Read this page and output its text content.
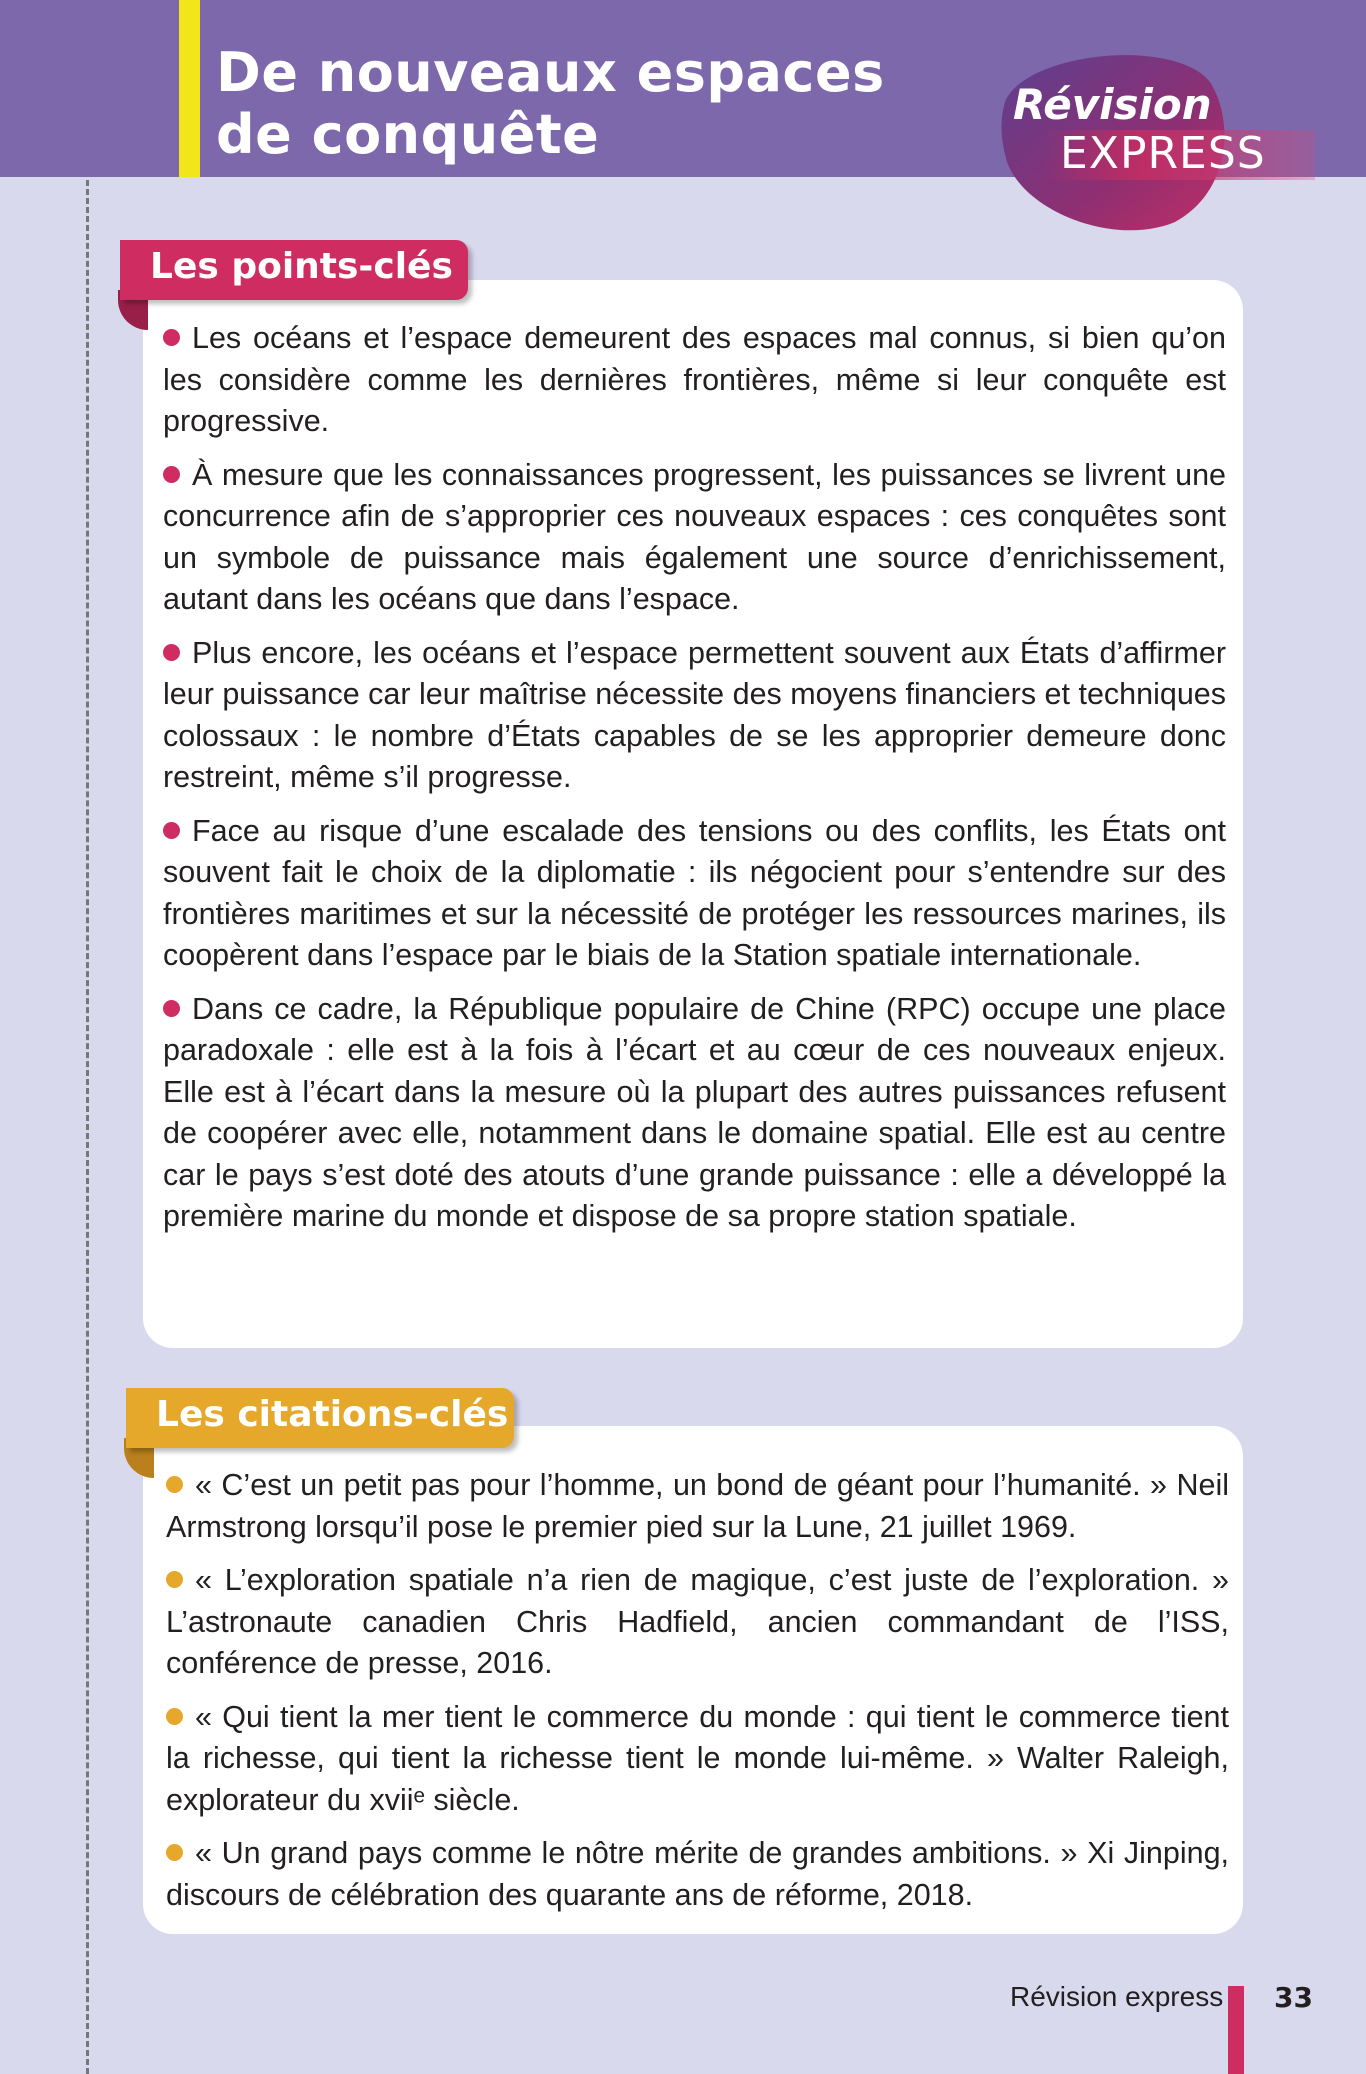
De nouveaux espaces
de conquête	Révision
EXPRESS
Les points-clés

Les océans et l’espace demeurent des espaces mal connus, si bien qu’on les considère comme les dernières frontières, même si leur conquête est progressive.

À mesure que les connaissances progressent, les puissances se livrent une concurrence afin de s’approprier ces nouveaux espaces : ces conquêtes sont un symbole de puissance mais également une source d’enrichissement, autant dans les océans que dans l’espace.

Plus encore, les océans et l’espace permettent souvent aux États d’affirmer leur puissance car leur maîtrise nécessite des moyens financiers et techniques colossaux : le nombre d’États capables de se les approprier demeure donc restreint, même s’il progresse.

Face au risque d’une escalade des tensions ou des conflits, les États ont souvent fait le choix de la diplomatie : ils négocient pour s’entendre sur des frontières maritimes et sur la nécessité de protéger les ressources marines, ils coopèrent dans l’espace par le biais de la Station spatiale internationale.

Dans ce cadre, la République populaire de Chine (RPC) occupe une place paradoxale : elle est à la fois à l’écart et au cœur de ces nouveaux enjeux. Elle est à l’écart dans la mesure où la plupart des autres puissances refusent de coopérer avec elle, notamment dans le domaine spatial. Elle est au centre car le pays s’est doté des atouts d’une grande puissance : elle a développé la première marine du monde et dispose de sa propre station spatiale.

Les citations-clés

« C’est un petit pas pour l’homme, un bond de géant pour l’humanité. » Neil Armstrong lorsqu’il pose le premier pied sur la Lune, 21 juillet 1969.

« L’exploration spatiale n’a rien de magique, c’est juste de l’exploration. » L’astronaute canadien Chris Hadfield, ancien commandant de l’ISS, conférence de presse, 2016.

« Qui tient la mer tient le commerce du monde : qui tient le commerce tient la richesse, qui tient la richesse tient le monde lui-même. » Walter Raleigh, explorateur du xviiᵉ siècle.

« Un grand pays comme le nôtre mérite de grandes ambitions. » Xi Jinping, discours de célébration des quarante ans de réforme, 2018.

Révision express 33
